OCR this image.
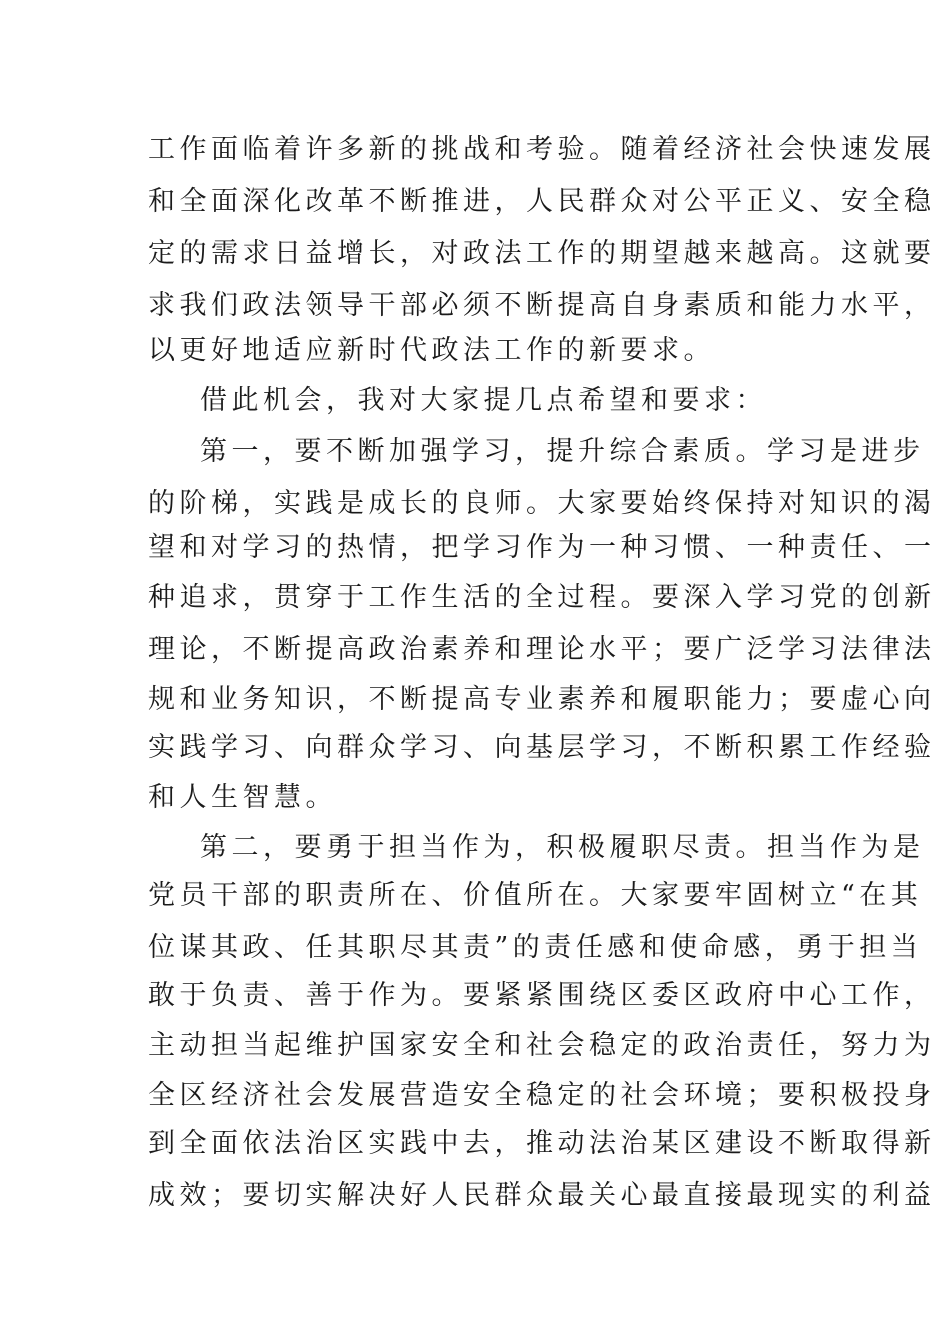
工作面临着许多新的挑战和考验。随着经济社会快速发展
和全面深化改革不断推进，人民群众对公平正义、安全稳
定的需求日益增长，对政法工作的期望越来越高。这就要
求我们政法领导干部必须不断提高自身素质和能力水平，
以更好地适应新时代政法工作的新要求。
借此机会，我对大家提几点希望和要求：
第一，要不断加强学习，提升综合素质。学习是进步
的阶梯，实践是成长的良师。大家要始终保持对知识的渴
望和对学习的热情，把学习作为一种习惯、一种责任、一
种追求，贯穿于工作生活的全过程。要深入学习党的创新
理论，不断提高政治素养和理论水平；要广泛学习法律法
规和业务知识，不断提高专业素养和履职能力；要虚心向
实践学习、向群众学习、向基层学习，不断积累工作经验
和人生智慧。
第二，要勇于担当作为，积极履职尽责。担当作为是
党员干部的职责所在、价值所在。大家要牢固树立“在其
位谋其政、任其职尽其责”的责任感和使命感，勇于担当
敢于负责、善于作为。要紧紧围绕区委区政府中心工作，
主动担当起维护国家安全和社会稳定的政治责任，努力为
全区经济社会发展营造安全稳定的社会环境；要积极投身
到全面依法治区实践中去，推动法治某区建设不断取得新
成效；要切实解决好人民群众最关心最直接最现实的利益
